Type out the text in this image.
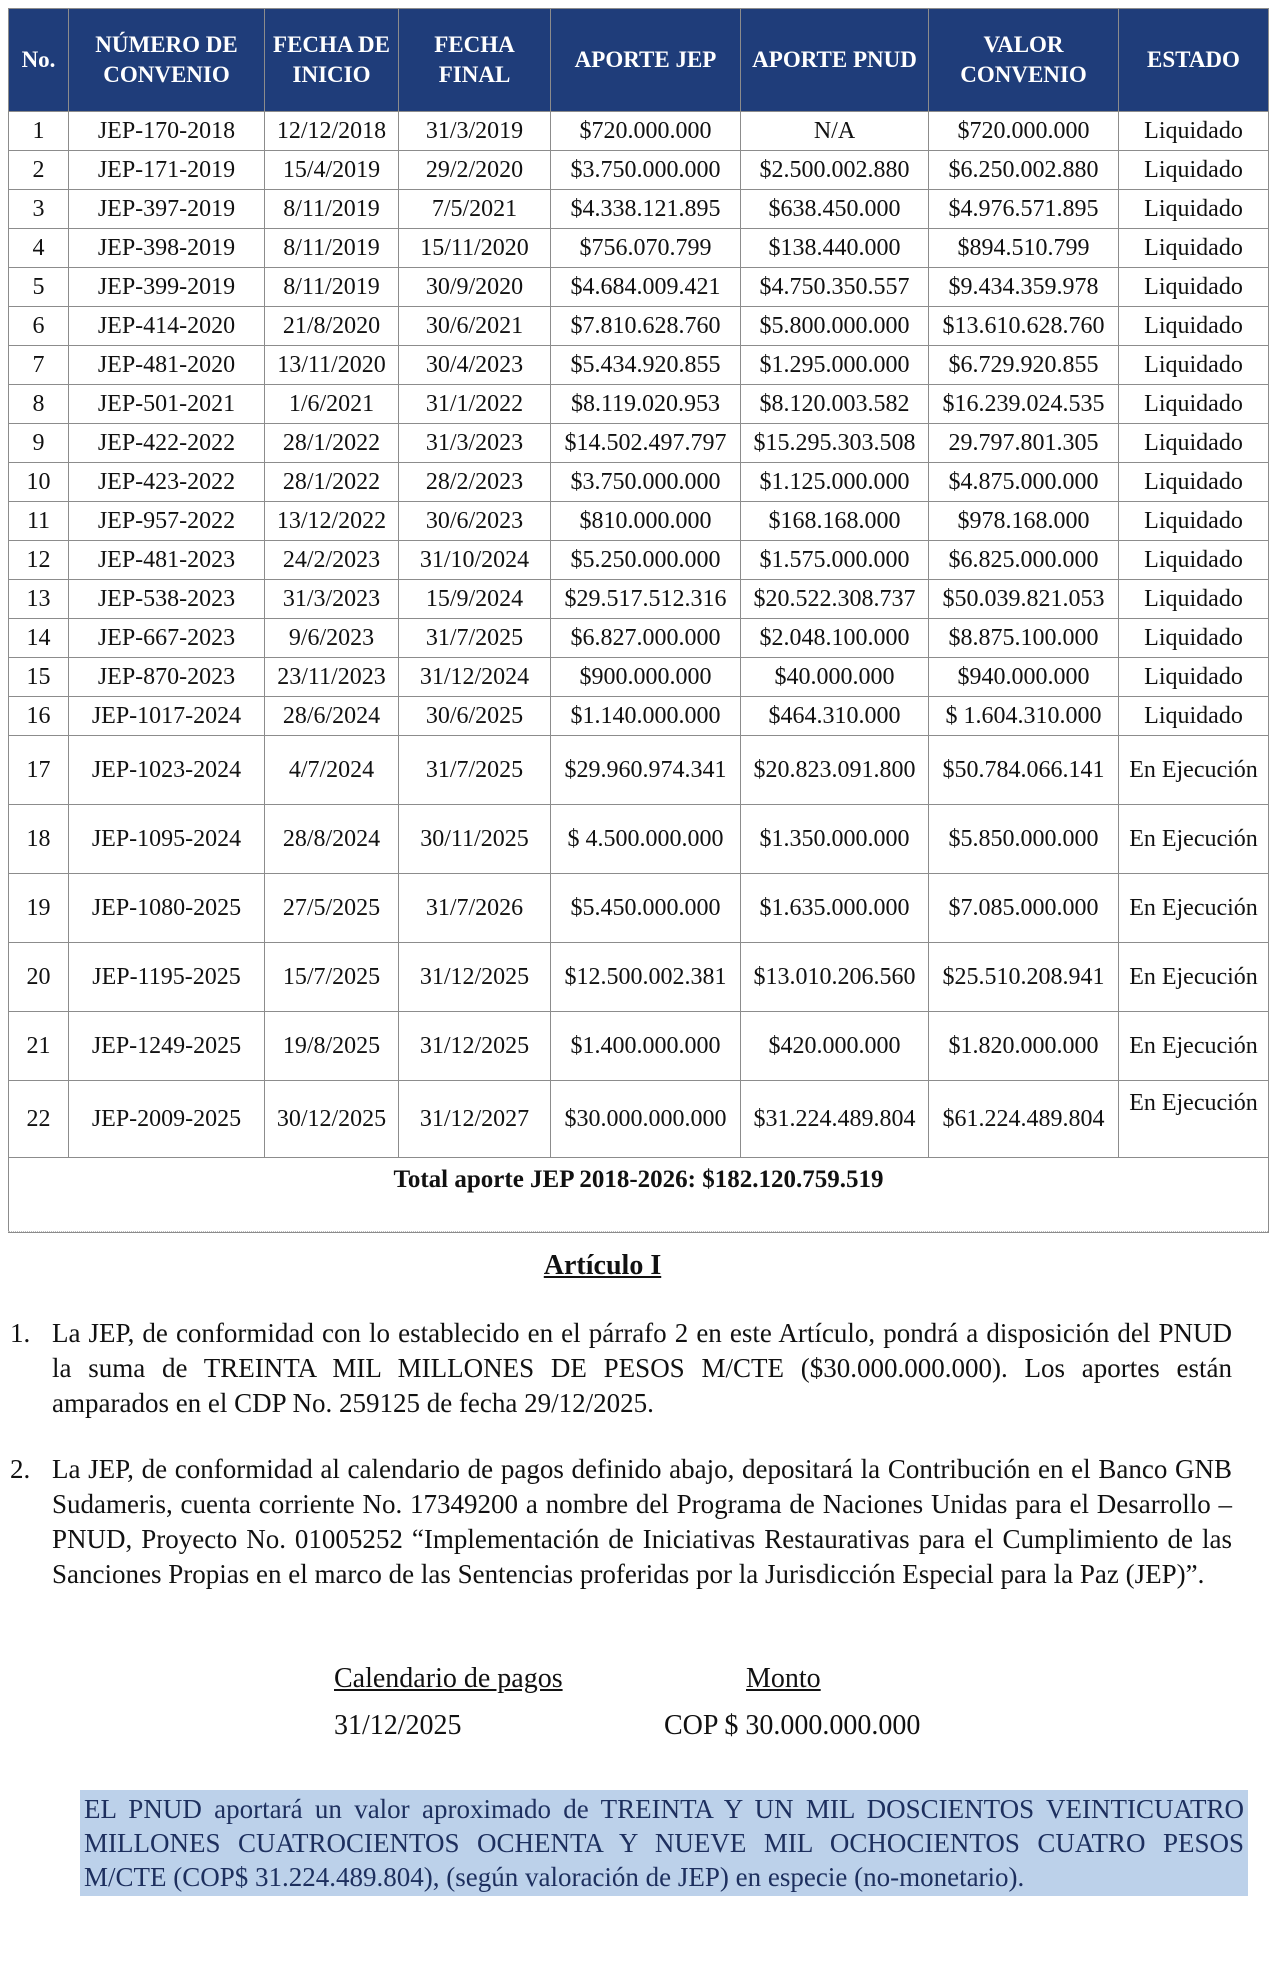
No.	NÚMERO DE CONVENIO	FECHA DE INICIO	FECHA FINAL	APORTE JEP	APORTE PNUD	VALOR CONVENIO	ESTADO
1	JEP-170-2018	12/12/2018	31/3/2019	$720.000.000	N/A	$720.000.000	Liquidado
2	JEP-171-2019	15/4/2019	29/2/2020	$3.750.000.000	$2.500.002.880	$6.250.002.880	Liquidado
3	JEP-397-2019	8/11/2019	7/5/2021	$4.338.121.895	$638.450.000	$4.976.571.895	Liquidado
4	JEP-398-2019	8/11/2019	15/11/2020	$756.070.799	$138.440.000	$894.510.799	Liquidado
5	JEP-399-2019	8/11/2019	30/9/2020	$4.684.009.421	$4.750.350.557	$9.434.359.978	Liquidado
6	JEP-414-2020	21/8/2020	30/6/2021	$7.810.628.760	$5.800.000.000	$13.610.628.760	Liquidado
7	JEP-481-2020	13/11/2020	30/4/2023	$5.434.920.855	$1.295.000.000	$6.729.920.855	Liquidado
8	JEP-501-2021	1/6/2021	31/1/2022	$8.119.020.953	$8.120.003.582	$16.239.024.535	Liquidado
9	JEP-422-2022	28/1/2022	31/3/2023	$14.502.497.797	$15.295.303.508	29.797.801.305	Liquidado
10	JEP-423-2022	28/1/2022	28/2/2023	$3.750.000.000	$1.125.000.000	$4.875.000.000	Liquidado
11	JEP-957-2022	13/12/2022	30/6/2023	$810.000.000	$168.168.000	$978.168.000	Liquidado
12	JEP-481-2023	24/2/2023	31/10/2024	$5.250.000.000	$1.575.000.000	$6.825.000.000	Liquidado
13	JEP-538-2023	31/3/2023	15/9/2024	$29.517.512.316	$20.522.308.737	$50.039.821.053	Liquidado
14	JEP-667-2023	9/6/2023	31/7/2025	$6.827.000.000	$2.048.100.000	$8.875.100.000	Liquidado
15	JEP-870-2023	23/11/2023	31/12/2024	$900.000.000	$40.000.000	$940.000.000	Liquidado
16	JEP-1017-2024	28/6/2024	30/6/2025	$1.140.000.000	$464.310.000	$ 1.604.310.000	Liquidado
17	JEP-1023-2024	4/7/2024	31/7/2025	$29.960.974.341	$20.823.091.800	$50.784.066.141	En Ejecución
18	JEP-1095-2024	28/8/2024	30/11/2025	$ 4.500.000.000	$1.350.000.000	$5.850.000.000	En Ejecución
19	JEP-1080-2025	27/5/2025	31/7/2026	$5.450.000.000	$1.635.000.000	$7.085.000.000	En Ejecución
20	JEP-1195-2025	15/7/2025	31/12/2025	$12.500.002.381	$13.010.206.560	$25.510.208.941	En Ejecución
21	JEP-1249-2025	19/8/2025	31/12/2025	$1.400.000.000	$420.000.000	$1.820.000.000	En Ejecución
22	JEP-2009-2025	30/12/2025	31/12/2027	$30.000.000.000	$31.224.489.804	$61.224.489.804	En Ejecución
Total aporte JEP 2018-2026: $182.120.759.519							

Artículo I
1. La JEP, de conformidad con lo establecido en el párrafo 2 en este Artículo, pondrá a disposición del PNUD la suma de TREINTA MIL MILLONES DE PESOS M/CTE ($30.000.000.000). Los aportes están amparados en el CDP No. 259125 de fecha 29/12/2025.
2. La JEP, de conformidad al calendario de pagos definido abajo, depositará la Contribución en el Banco GNB Sudameris, cuenta corriente No. 17349200 a nombre del Programa de Naciones Unidas para el Desarrollo – PNUD, Proyecto No. 01005252 “Implementación de Iniciativas Restaurativas para el Cumplimiento de las Sanciones Propias en el marco de las Sentencias proferidas por la Jurisdicción Especial para la Paz (JEP)”.
Calendario de pagos	Monto
31/12/2025	COP $ 30.000.000.000
EL PNUD aportará un valor aproximado de TREINTA Y UN MIL DOSCIENTOS VEINTICUATRO MILLONES CUATROCIENTOS OCHENTA Y NUEVE MIL OCHOCIENTOS CUATRO PESOS M/CTE (COP$ 31.224.489.804), (según valoración de JEP) en especie (no-monetario).
